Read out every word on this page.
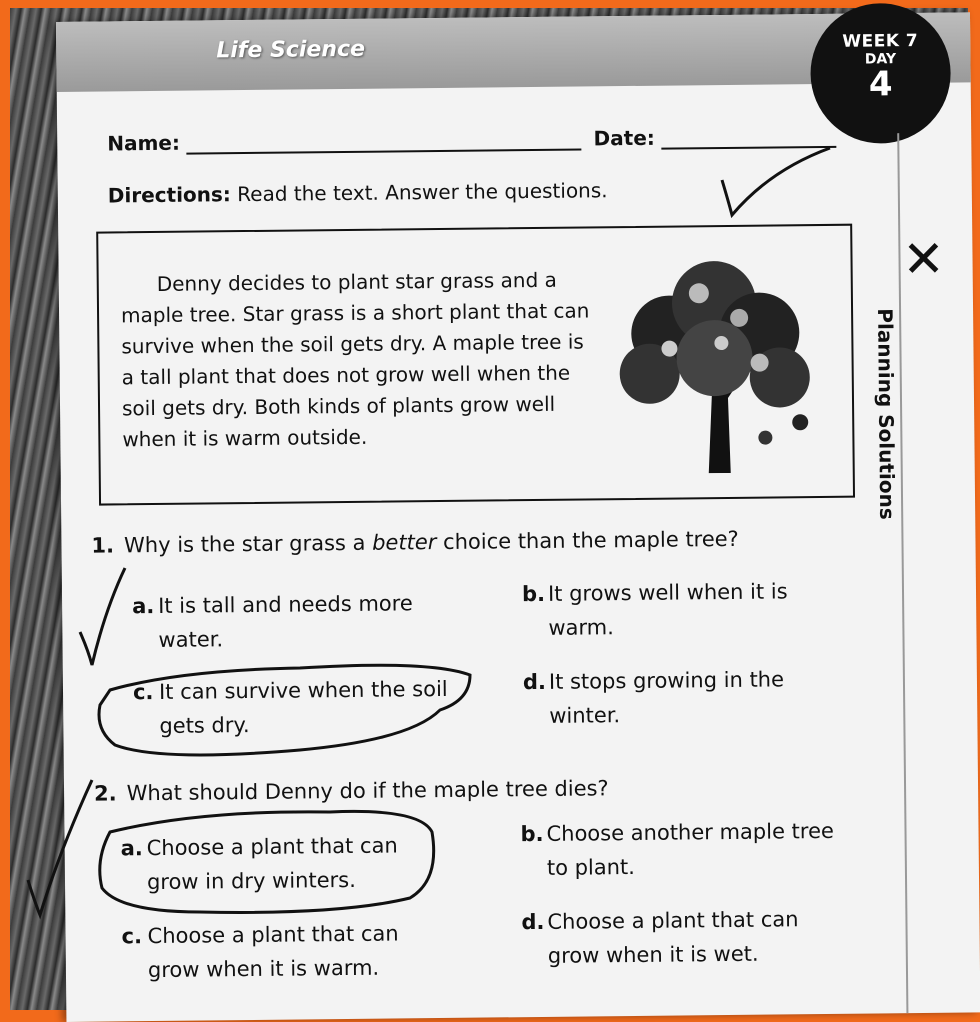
Life Science	WEEK 7
DAY
4
Name:	Date:
Directions: Read the text. Answer the questions.
Denny decides to plant star grass and a maple tree. Star grass is a short plant that can survive when the soil gets dry. A maple tree is a tall plant that does not grow well when the soil gets dry. Both kinds of plants grow well when it is warm outside.	Planning Solutions
1. Why is the star grass a better choice than the maple tree?
a. It is tall and needs more water.
b. It grows well when it is warm.
c. It can survive when the soil gets dry.
d. It stops growing in the winter.
2. What should Denny do if the maple tree dies?
a. Choose a plant that can grow in dry winters.
b. Choose another maple tree to plant.
c. Choose a plant that can grow when it is warm.
d. Choose a plant that can grow when it is wet.
